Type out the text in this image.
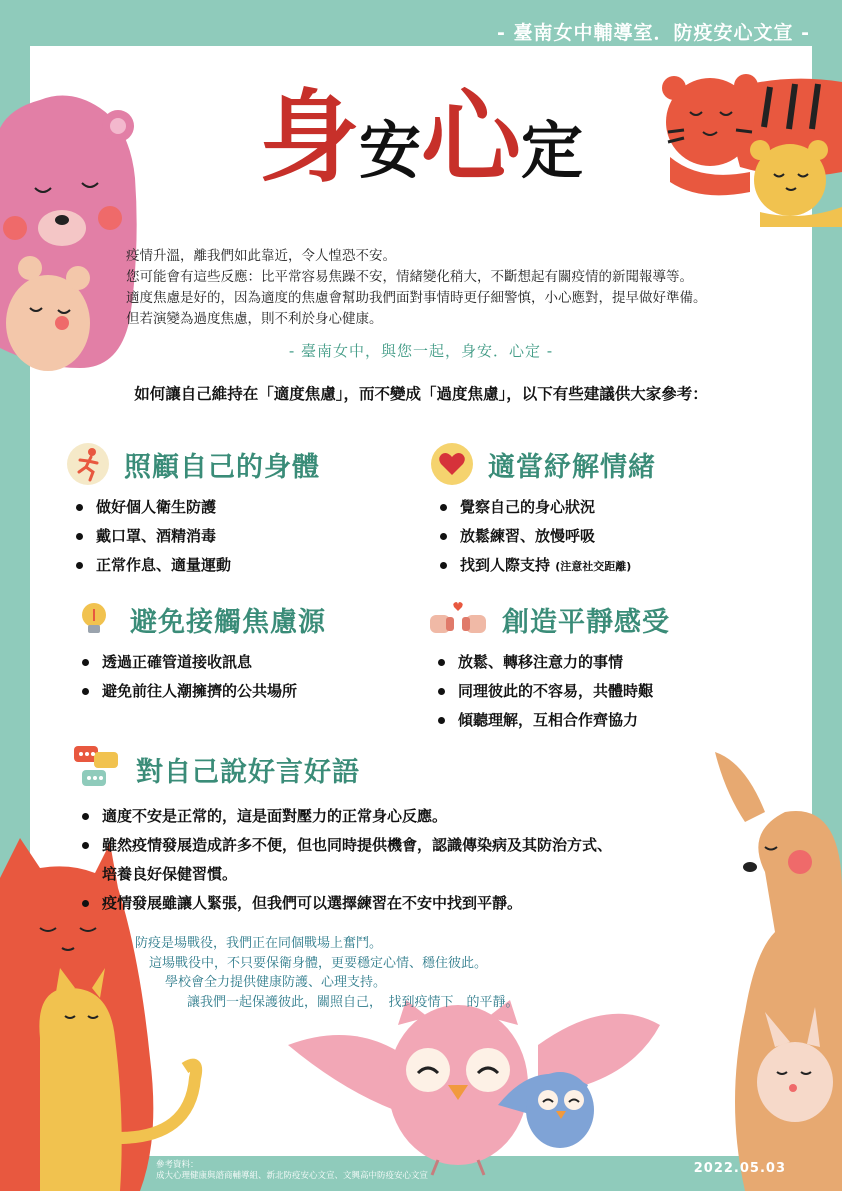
- 臺南女中輔導室．防疫安心文宣 -
身安心定

疫情升溫，離我們如此靠近，令人惶恐不安。

您可能會有這些反應：比平常容易焦躁不安，情緒變化稍大，不斷想起有關疫情的新聞報導等。

適度焦慮是好的，因為適度的焦慮會幫助我們面對事情時更仔細警慎，小心應對，提早做好準備。

但若演變為過度焦慮，則不利於身心健康。

- 臺南女中，與您一起，身安．心定 -
如何讓自己維持在「適度焦慮」，而不變成「過度焦慮」，以下有些建議供大家參考：
照顧自己的身體
做好個人衛生防護
戴口罩、酒精消毒
正常作息、適量運動
適當紓解情緒
覺察自己的身心狀況
放鬆練習、放慢呼吸
找到人際支持 (注意社交距離)
避免接觸焦慮源
透過正確管道接收訊息
避免前往人潮擁擠的公共場所
創造平靜感受
放鬆、轉移注意力的事情
同理彼此的不容易，共體時艱
傾聽理解，互相合作齊協力
對自己說好言好語
適度不安是正常的，這是面對壓力的正常身心反應。
雖然疫情發展造成許多不便，但也同時提供機會，認識傳染病及其防治方式、
培養良好保健習慣。
疫情發展雖讓人緊張，但我們可以選擇練習在不安中找到平靜。

防疫是場戰役，我們正在同個戰場上奮鬥。

這場戰役中，不只要保衛身體，更要穩定心情、穩住彼此。

學校會全力提供健康防護、心理支持。

讓我們一起保護彼此，關照自己，　找到疫情下　的平靜。

參考資料：

成大心理健康與諮商輔導組、新北防疫安心文宣、文興高中防疫安心文宣	2022.05.03
